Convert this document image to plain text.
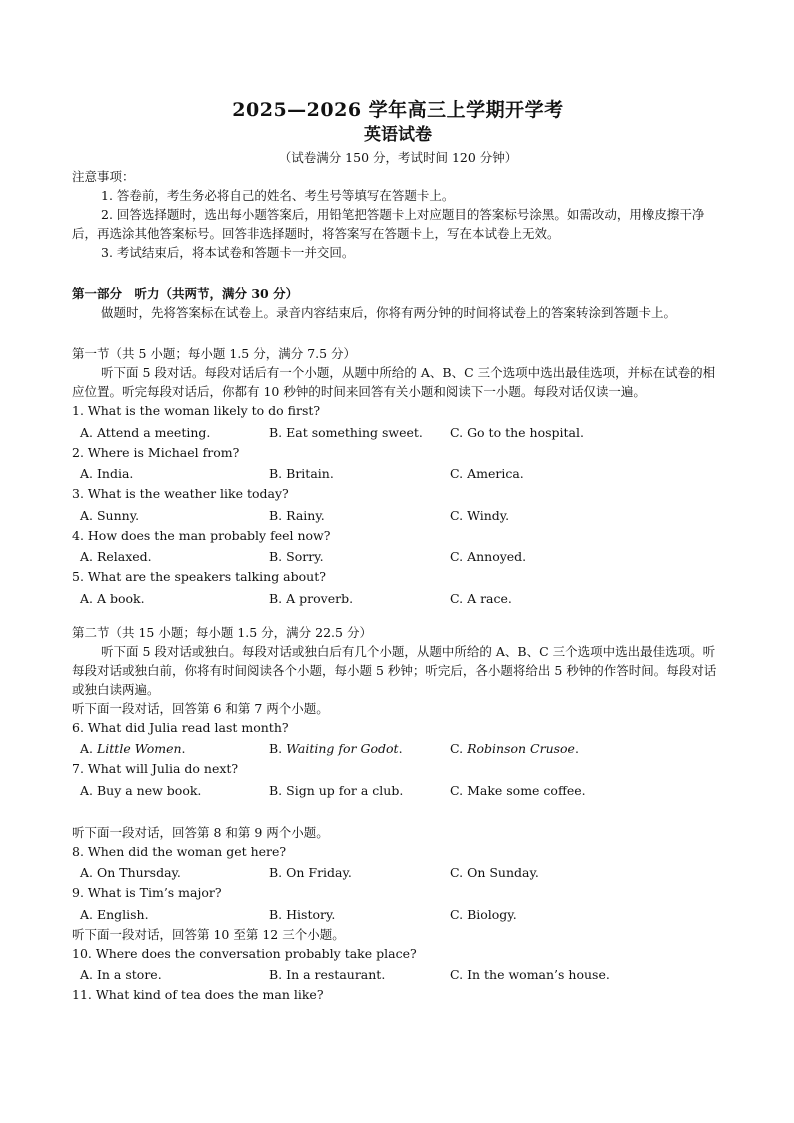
2025—2026 学年高三上学期开学考
英语试卷
（试卷满分 150 分，考试时间 120 分钟）
注意事项：
1. 答卷前，考生务必将自己的姓名、考生号等填写在答题卡上。
2. 回答选择题时，选出每小题答案后，用铅笔把答题卡上对应题目的答案标号涂黑。如需改动，用橡皮擦干净后，再选涂其他答案标号。回答非选择题时，将答案写在答题卡上，写在本试卷上无效。
3. 考试结束后，将本试卷和答题卡一并交回。
第一部分　听力（共两节，满分 30 分）
做题时，先将答案标在试卷上。录音内容结束后，你将有两分钟的时间将试卷上的答案转涂到答题卡上。
第一节（共 5 小题；每小题 1.5 分，满分 7.5 分）
听下面 5 段对话。每段对话后有一个小题，从题中所给的 A、B、C 三个选项中选出最佳选项，并标在试卷的相应位置。听完每段对话后，你都有 10 秒钟的时间来回答有关小题和阅读下一小题。每段对话仅读一遍。
1. What is the woman likely to do first?
A. Attend a meeting.	B. Eat something sweet. C. Go to the hospital.
2. Where is Michael from?
A. India.	B. Britain.	C. America.
3. What is the weather like today?
A. Sunny.	B. Rainy.	C. Windy.
4. How does the man probably feel now?
A. Relaxed.	B. Sorry.	C. Annoyed.
5. What are the speakers talking about?
A. A book.	B. A proverb.	C. A race.
第二节（共 15 小题；每小题 1.5 分，满分 22.5 分）
听下面 5 段对话或独白。每段对话或独白后有几个小题，从题中所给的 A、B、C 三个选项中选出最佳选项。听每段对话或独白前，你将有时间阅读各个小题，每小题 5 秒钟；听完后，各小题将给出 5 秒钟的作答时间。每段对话或独白读两遍。
听下面一段对话，回答第 6 和第 7 两个小题。
6. What did Julia read last month?
A. Little Women.	B. Waiting for Godot.	C. Robinson Crusoe.
7. What will Julia do next?
A. Buy a new book.	B. Sign up for a club.	C. Make some coffee.
听下面一段对话，回答第 8 和第 9 两个小题。
8. When did the woman get here?
A. On Thursday.	B. On Friday.	C. On Sunday.
9. What is Tim’s major?
A. English.	B. History.	C. Biology.
听下面一段对话，回答第 10 至第 12 三个小题。
10. Where does the conversation probably take place?
A. In a store.	B. In a restaurant.	C. In the woman’s house.
11. What kind of tea does the man like?
